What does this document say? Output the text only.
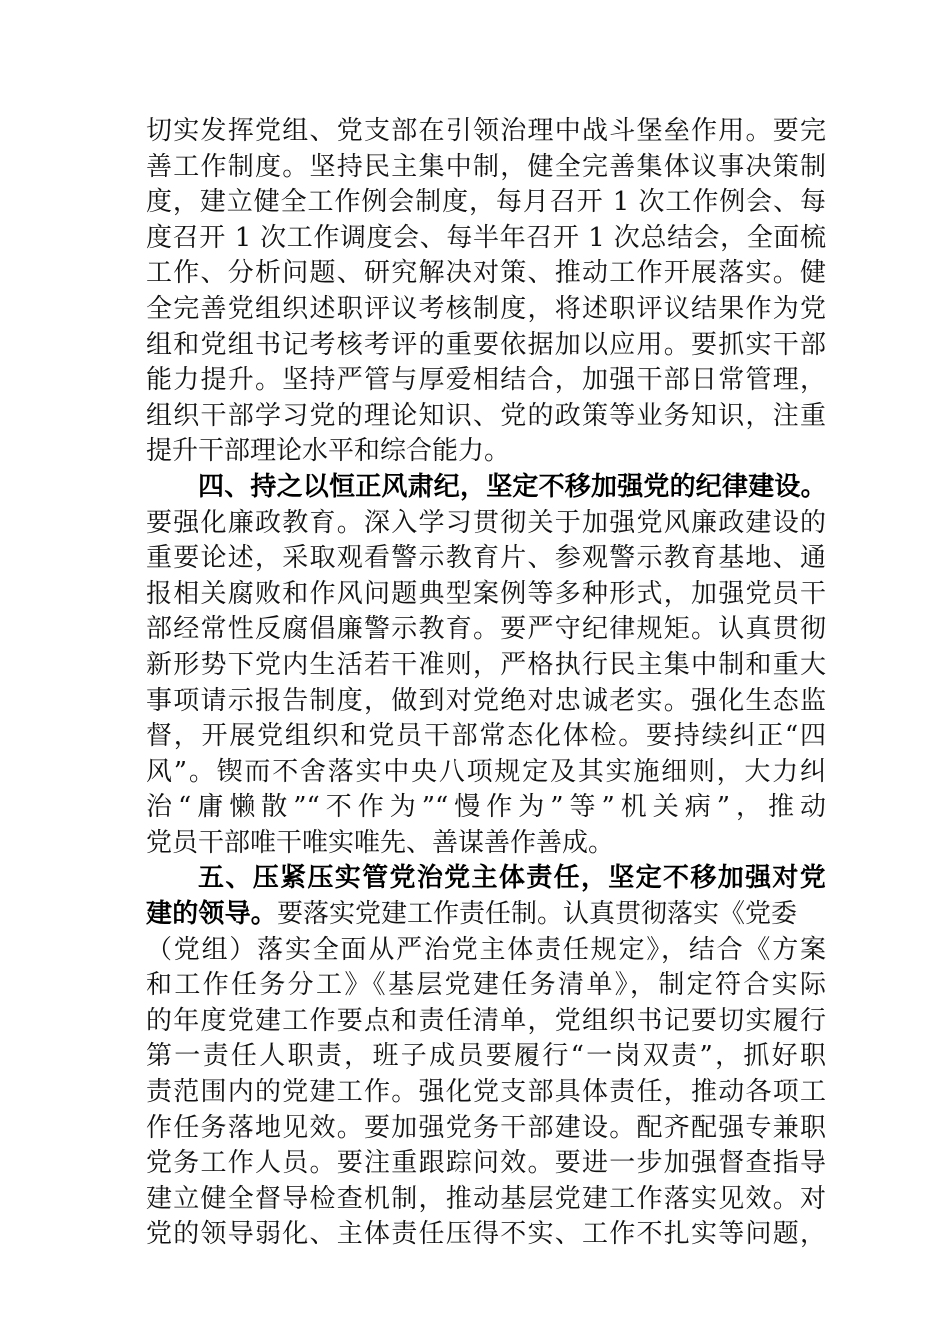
切实发挥党组、党支部在引领治理中战斗堡垒作用。要完
善工作制度。坚持民主集中制，健全完善集体议事决策制
度，建立健全工作例会制度，每月召开 1 次工作例会、每
度召开 1 次工作调度会、每半年召开 1 次总结会，全面梳
工作、分析问题、研究解决对策、推动工作开展落实。健
全完善党组织述职评议考核制度，将述职评议结果作为党
组和党组书记考核考评的重要依据加以应用。要抓实干部
能力提升。坚持严管与厚爱相结合，加强干部日常管理，
组织干部学习党的理论知识、党的政策等业务知识，注重
提升干部理论水平和综合能力。
四、持之以恒正风肃纪，坚定不移加强党的纪律建设。
要强化廉政教育。深入学习贯彻关于加强党风廉政建设的
重要论述，采取观看警示教育片、参观警示教育基地、通
报相关腐败和作风问题典型案例等多种形式，加强党员干
部经常性反腐倡廉警示教育。要严守纪律规矩。认真贯彻
新形势下党内生活若干准则，严格执行民主集中制和重大
事项请示报告制度，做到对党绝对忠诚老实。强化生态监
督，开展党组织和党员干部常态化体检。要持续纠正“四
风”。锲而不舍落实中央八项规定及其实施细则，大力纠
治“庸懒散”“不作为”“慢作为”等”机关病”，推动
党员干部唯干唯实唯先、善谋善作善成。
五、压紧压实管党治党主体责任，坚定不移加强对党
建的领导。要落实党建工作责任制。认真贯彻落实《党委
（党组）落实全面从严治党主体责任规定》，结合《方案
和工作任务分工》《基层党建任务清单》，制定符合实际
的年度党建工作要点和责任清单，党组织书记要切实履行
第一责任人职责，班子成员要履行“一岗双责”，抓好职
责范围内的党建工作。强化党支部具体责任，推动各项工
作任务落地见效。要加强党务干部建设。配齐配强专兼职
党务工作人员。要注重跟踪问效。要进一步加强督查指导
建立健全督导检查机制，推动基层党建工作落实见效。对
党的领导弱化、主体责任压得不实、工作不扎实等问题，
